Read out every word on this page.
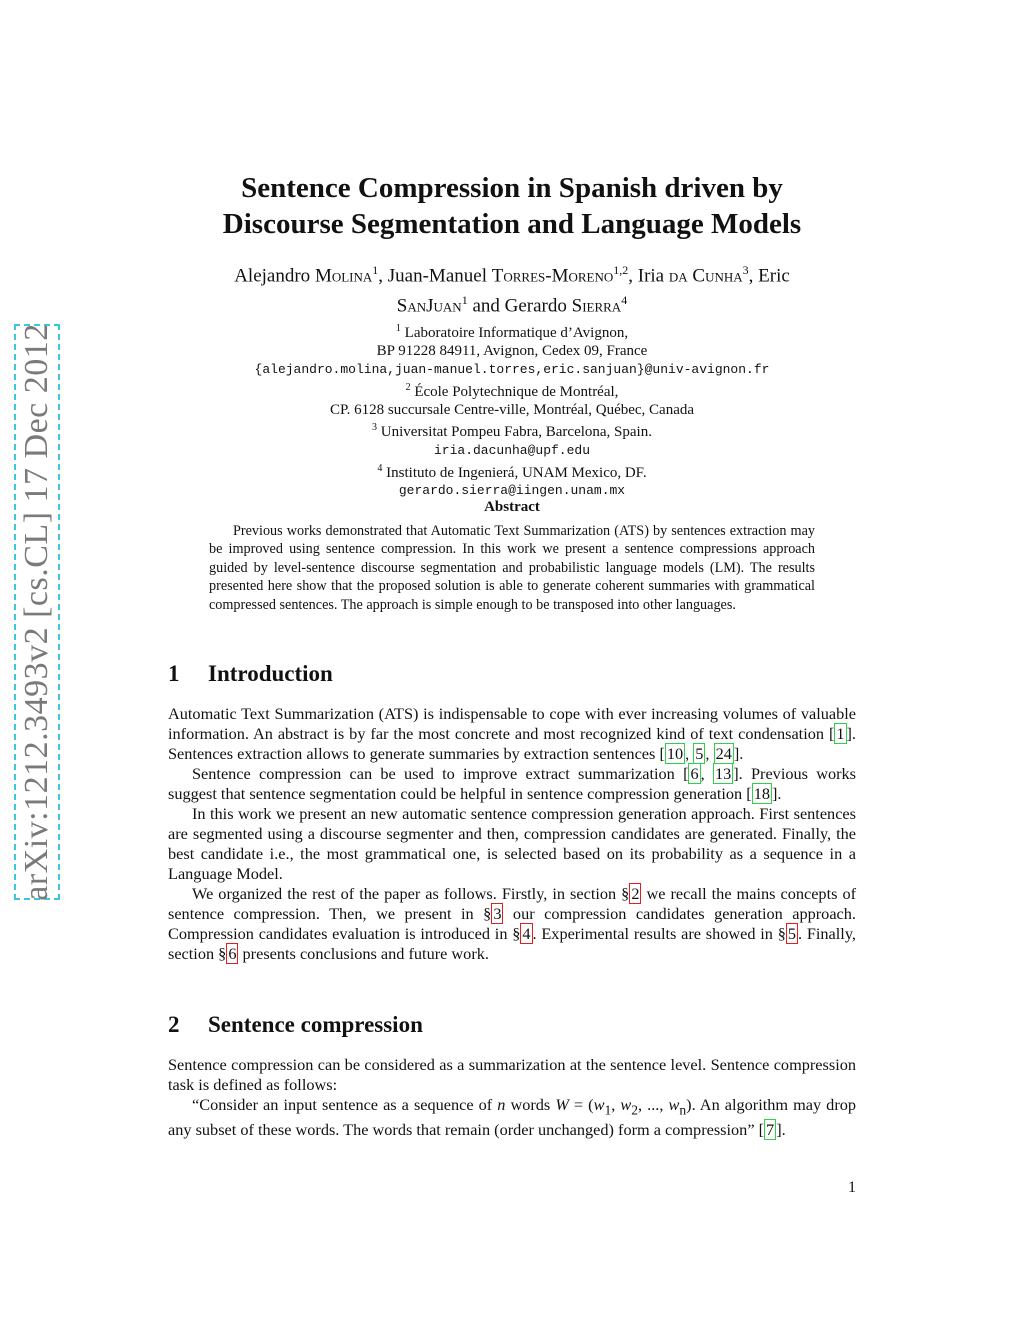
arXiv:1212.3493v2 [cs.CL] 17 Dec 2012
Sentence Compression in Spanish driven by
Discourse Segmentation and Language Models
Alejandro Molina$^1$, Juan-Manuel Torres-Moreno$^{1,2}$, Iria da Cunha$^3$, Eric
SanJuan$^1$ and Gerardo Sierra$^4$
$^1$ Laboratoire Informatique d’Avignon,
BP 91228 84911, Avignon, Cedex 09, France
{alejandro.molina,juan-manuel.torres,eric.sanjuan}@univ-avignon.fr
$^2$ École Polytechnique de Montréal,
CP. 6128 succursale Centre-ville, Montréal, Québec, Canada
$^3$ Universitat Pompeu Fabra, Barcelona, Spain.
iria.dacunha@upf.edu
$^4$ Instituto de Ingenierá, UNAM Mexico, DF.
gerardo.sierra@iingen.unam.mx
Abstract
Previous works demonstrated that Automatic Text Summarization (ATS) by sentences extraction may be improved using sentence compression. In this work we present a sentence compressions approach guided by level-sentence discourse segmentation and probabilistic language models (LM). The results presented here show that the proposed solution is able to generate coherent summaries with grammatical compressed sentences. The approach is simple enough to be transposed into other languages.
1 Introduction

Automatic Text Summarization (ATS) is indispensable to cope with ever increasing volumes of valuable information. An abstract is by far the most concrete and most recognized kind of text condensation [ 1 ]. Sentences extraction allows to generate summaries by extraction sentences [ 10 , 5 , 24 ].

Sentence compression can be used to improve extract summarization [ 6 , 13 ]. Previous works suggest that sentence segmentation could be helpful in sentence compression generation [ 18 ].

In this work we present an new automatic sentence compression generation approach. First sentences are segmented using a discourse segmenter and then, compression candidates are generated. Finally, the best candidate i.e., the most grammatical one, is selected based on its probability as a sequence in a Language Model.

We organized the rest of the paper as follows. Firstly, in section § 2 we recall the mains concepts of sentence compression. Then, we present in § 3 our compression candidates generation approach. Compression candidates evaluation is introduced in § 4 . Experimental results are showed in § 5 . Finally, section § 6 presents conclusions and future work.

2 Sentence compression

Sentence compression can be considered as a summarization at the sentence level. Sentence compression task is defined as follows:

“Consider an input sentence as a sequence of n words $W = (w_1$, $w_2$, ..., $w_n$). An algorithm may drop any subset of these words. The words that remain (order unchanged) form a compression” [ 7 ].

1
